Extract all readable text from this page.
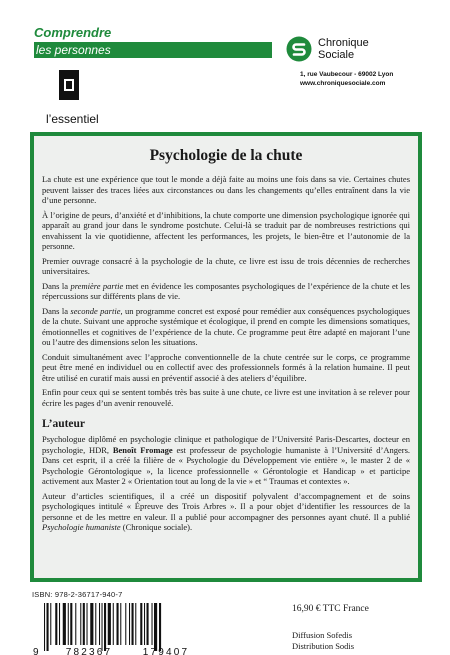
Comprendre
les personnes	Chronique
Sociale
1, rue Vaubecour - 69002 Lyon
www.chroniquesociale.com
l’essentiel
Psychologie de la chute

La chute est une expérience que tout le monde a déjà faite au moins une fois dans sa vie. Certaines chutes peuvent laisser des traces liées aux circonstances ou dans les changements qu’elles entraînent dans la vie d’une personne.

À l’origine de peurs, d’anxiété et d’inhibitions, la chute comporte une dimension psychologique ignorée qui apparaît au grand jour dans le syndrome postchute. Celui-là se traduit par de nombreuses restrictions qui envahissent la vie quotidienne, affectent les performances, les projets, le bien-être et l’autonomie de la personne.

Premier ouvrage consacré à la psychologie de la chute, ce livre est issu de trois décennies de recherches universitaires.

Dans la première partie met en évidence les composantes psychologiques de l’expérience de la chute et les répercussions sur différents plans de vie.

Dans la seconde partie, un programme concret est exposé pour remédier aux conséquences psychologiques de la chute. Suivant une approche systémique et écologique, il prend en compte les dimensions somatiques, émotionnelles et cognitives de l’expérience de la chute. Ce programme peut être adapté en majorant l’une ou l’autre des dimensions selon les situations.

Conduit simultanément avec l’approche conventionnelle de la chute centrée sur le corps, ce programme peut être mené en individuel ou en collectif avec des professionnels formés à la relation humaine. Il peut être utilisé en curatif mais aussi en préventif associé à des ateliers d’équilibre.

Enfin pour ceux qui se sentent tombés très bas suite à une chute, ce livre est une invitation à se relever pour écrire les pages d’un avenir renouvelé.

L’auteur

Psychologue diplômé en psychologie clinique et pathologique de l’Université Paris-Descartes, docteur en psychologie, HDR, Benoît Fromage est professeur de psychologie humaniste à l’Université d’Angers. Dans cet esprit, il a créé la filière de « Psychologie du Développement vie entière », le master 2 de « Psychologie Gérontologique », la licence professionnelle « Gérontologie et Handicap » et participe activement aux Master 2 « Orientation tout au long de la vie » et “ Traumas et contextes ».

Auteur d’articles scientifiques, il a créé un dispositif polyvalent d’accompagnement et de soins psychologiques intitulé « Épreuve des Trois Arbres ». Il a pour objet d’identifier les ressources de la personne et de les mettre en valeur. Il a publié pour accompagner des personnes ayant chuté. Il a publié Psychologie humaniste (Chronique sociale).

ISBN: 978-2-36717-940-7
9	782367	179407
16,90 € TTC France
Diffusion Sofedis
Distribution Sodis
